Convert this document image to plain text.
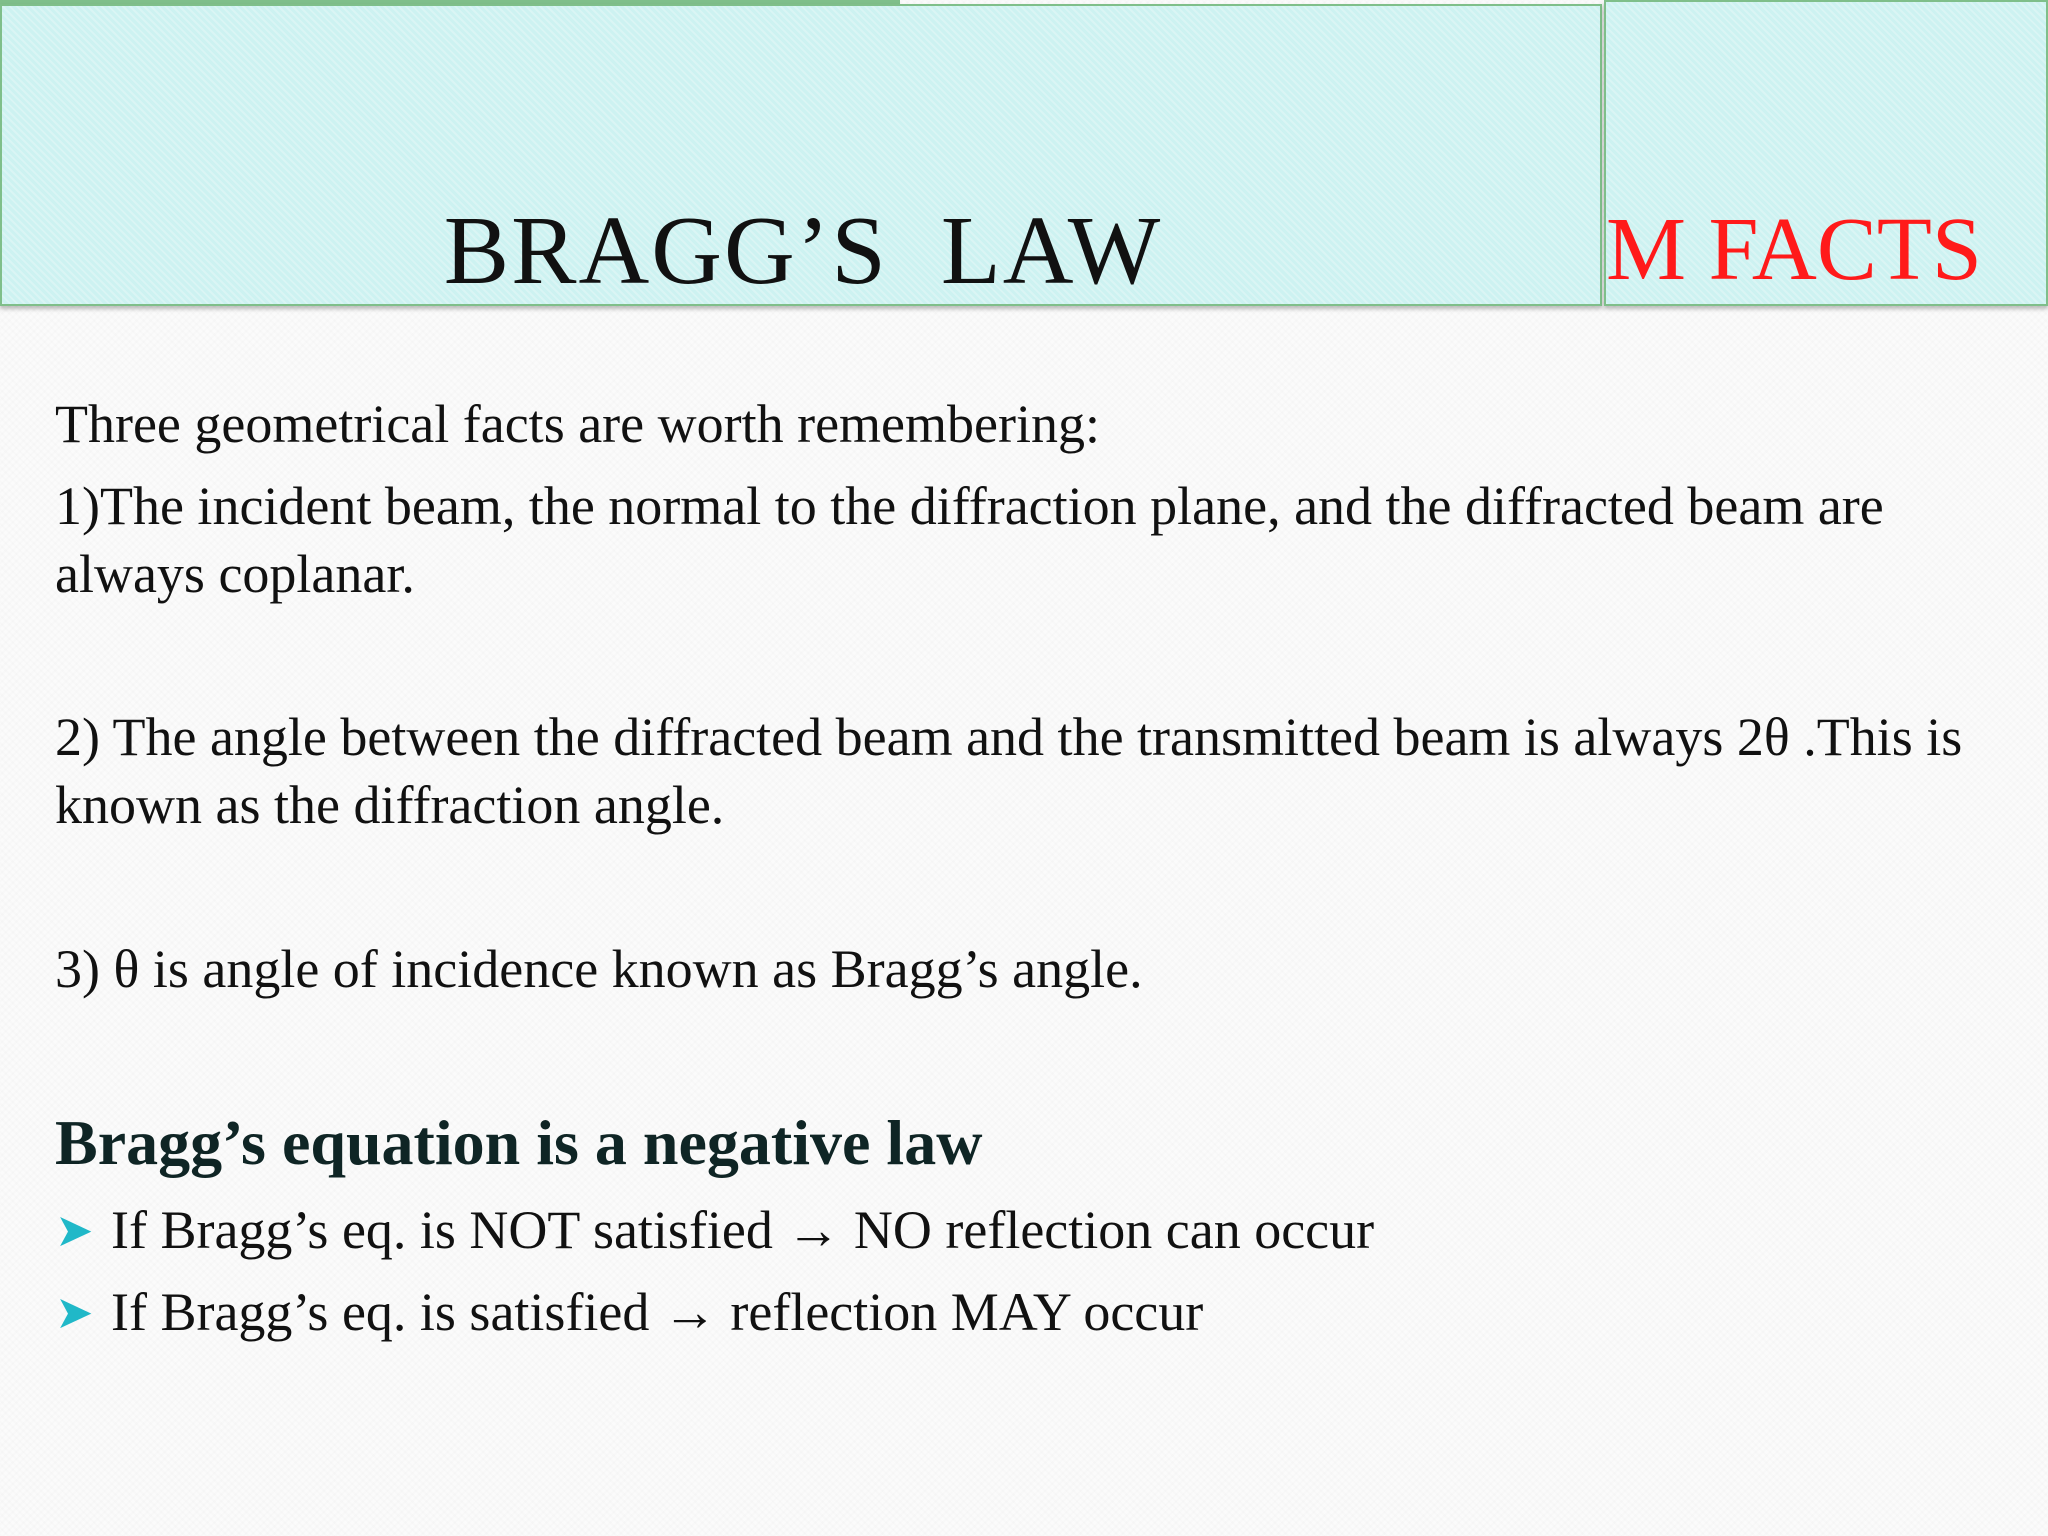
BRAGG’S  LAW	M FACTS
Three geometrical facts are worth remembering:
1)The incident beam, the normal to the diffraction plane, and the diffracted beam are always coplanar.
2) The angle between the diffracted beam and the transmitted beam is always 2θ .This is known as the diffraction angle.
3) θ is angle of incidence known as Bragg’s angle.
Bragg’s equation is a negative law
➤ If Bragg’s eq. is NOT satisfied → NO reflection can occur
➤ If Bragg’s eq. is satisfied → reflection MAY occur
